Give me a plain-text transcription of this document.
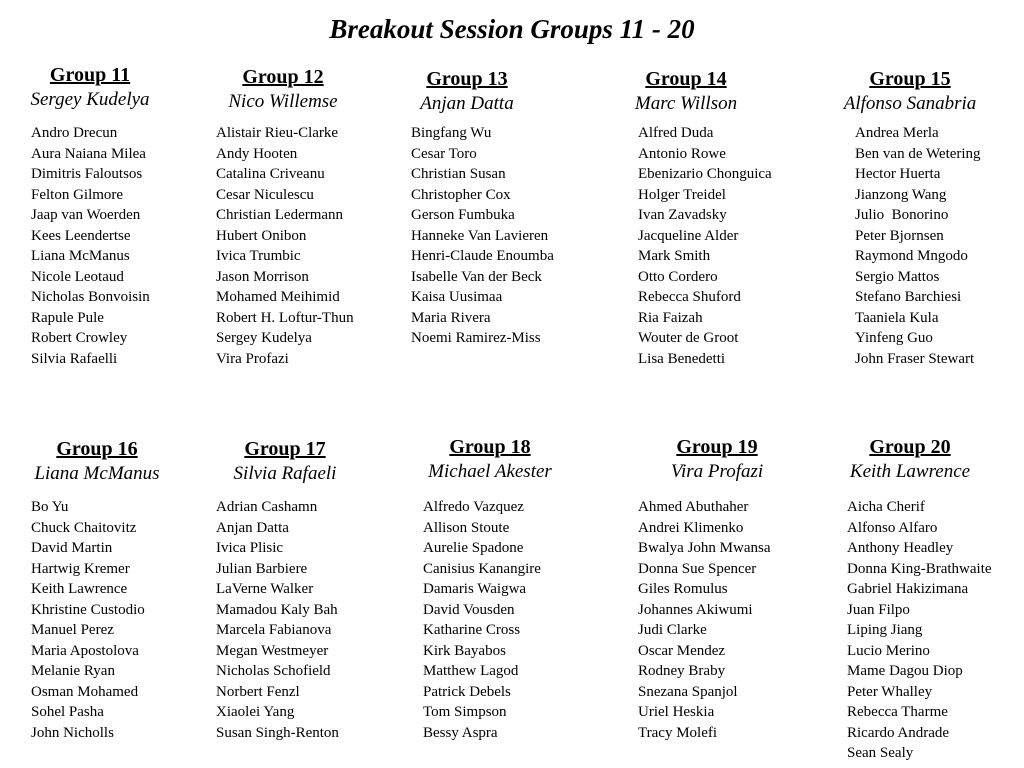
Breakout Session Groups 11 - 20
Group 11
Sergey Kudelya
Andro Drecun
Aura Naiana Milea
Dimitris Faloutsos
Felton Gilmore
Jaap van Woerden
Kees Leendertse
Liana McManus
Nicole Leotaud
Nicholas Bonvoisin
Rapule Pule
Robert Crowley
Silvia Rafaelli
Group 12
Nico Willemse
Alistair Rieu-Clarke
Andy Hooten
Catalina Criveanu
Cesar Niculescu
Christian Ledermann
Hubert Onibon
Ivica Trumbic
Jason Morrison
Mohamed Meihimid
Robert H. Loftur-Thun
Sergey Kudelya
Vira Profazi
Group 13
Anjan Datta
Bingfang Wu
Cesar Toro
Christian Susan
Christopher Cox
Gerson Fumbuka
Hanneke Van Lavieren
Henri-Claude Enoumba
Isabelle Van der Beck
Kaisa Uusimaa
Maria Rivera
Noemi Ramirez-Miss
Group 14
Marc Willson
Alfred Duda
Antonio Rowe
Ebenizario Chonguica
Holger Treidel
Ivan Zavadsky
Jacqueline Alder
Mark Smith
Otto Cordero
Rebecca Shuford
Ria Faizah
Wouter de Groot
Lisa Benedetti
Group 15
Alfonso Sanabria
Andrea Merla
Ben van de Wetering
Hector Huerta
Jianzong Wang
Julio  Bonorino
Peter Bjornsen
Raymond Mngodo
Sergio Mattos
Stefano Barchiesi
Taaniela Kula
Yinfeng Guo
John Fraser Stewart
Group 16
Liana McManus
Bo Yu
Chuck Chaitovitz
David Martin
Hartwig Kremer
Keith Lawrence
Khristine Custodio
Manuel Perez
Maria Apostolova
Melanie Ryan
Osman Mohamed
Sohel Pasha
John Nicholls
Group 17
Silvia Rafaeli
Adrian Cashamn
Anjan Datta
Ivica Plisic
Julian Barbiere
LaVerne Walker
Mamadou Kaly Bah
Marcela Fabianova
Megan Westmeyer
Nicholas Schofield
Norbert Fenzl
Xiaolei Yang
Susan Singh-Renton
Group 18
Michael Akester
Alfredo Vazquez
Allison Stoute
Aurelie Spadone
Canisius Kanangire
Damaris Waigwa
David Vousden
Katharine Cross
Kirk Bayabos
Matthew Lagod
Patrick Debels
Tom Simpson
Bessy Aspra
Group 19
Vira Profazi
Ahmed Abuthaher
Andrei Klimenko
Bwalya John Mwansa
Donna Sue Spencer
Giles Romulus
Johannes Akiwumi
Judi Clarke
Oscar Mendez
Rodney Braby
Snezana Spanjol
Uriel Heskia
Tracy Molefi
Group 20
Keith Lawrence
Aicha Cherif
Alfonso Alfaro
Anthony Headley
Donna King-Brathwaite
Gabriel Hakizimana
Juan Filpo
Liping Jiang
Lucio Merino
Mame Dagou Diop
Peter Whalley
Rebecca Tharme
Ricardo Andrade
Sean Sealy
